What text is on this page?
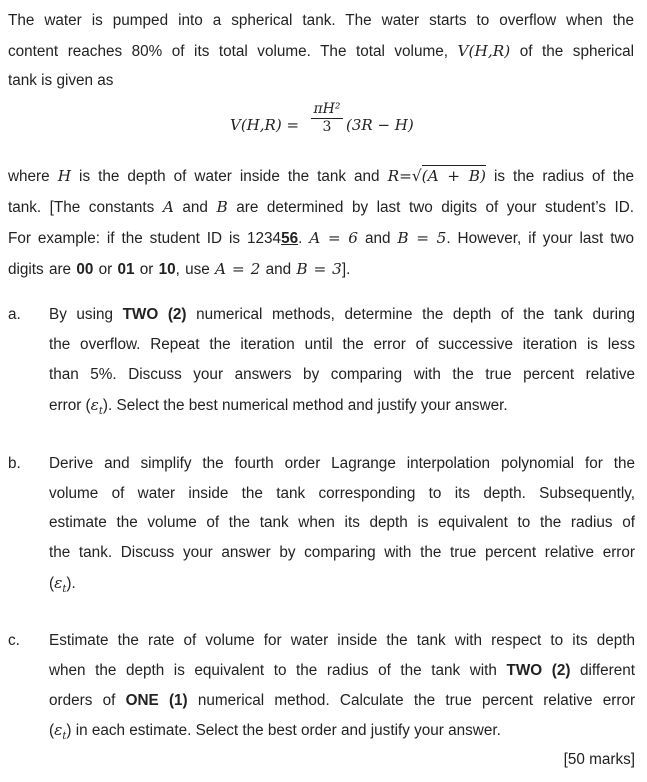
The water is pumped into a spherical tank. The water starts to overflow when the
content reaches 80% of its total volume. The total volume, V(H,R) of the spherical
tank is given as
V(H,R) =
πH²
3 (3R − H)
where H is the depth of water inside the tank and R=√(A + B) is the radius of the
tank. [The constants A and B are determined by last two digits of your student’s ID.
For example: if the student ID is 123456. A = 6 and B = 5. However, if your last two
digits are 00 or 01 or 10, use A = 2 and B = 3].
a. By using TWO (2) numerical methods, determine the depth of the tank during
the overflow. Repeat the iteration until the error of successive iteration is less
than 5%. Discuss your answers by comparing with the true percent relative
error $(\varepsilon_t)$. Select the best numerical method and justify your answer.
b. Derive and simplify the fourth order Lagrange interpolation polynomial for the
volume of water inside the tank corresponding to its depth. Subsequently,
estimate the volume of the tank when its depth is equivalent to the radius of
the tank. Discuss your answer by comparing with the true percent relative error
$(\varepsilon_t)$.
c. Estimate the rate of volume for water inside the tank with respect to its depth
when the depth is equivalent to the radius of the tank with TWO (2) different
orders of ONE (1) numerical method. Calculate the true percent relative error
$(\varepsilon_t)$ in each estimate. Select the best order and justify your answer.
[50 marks]
